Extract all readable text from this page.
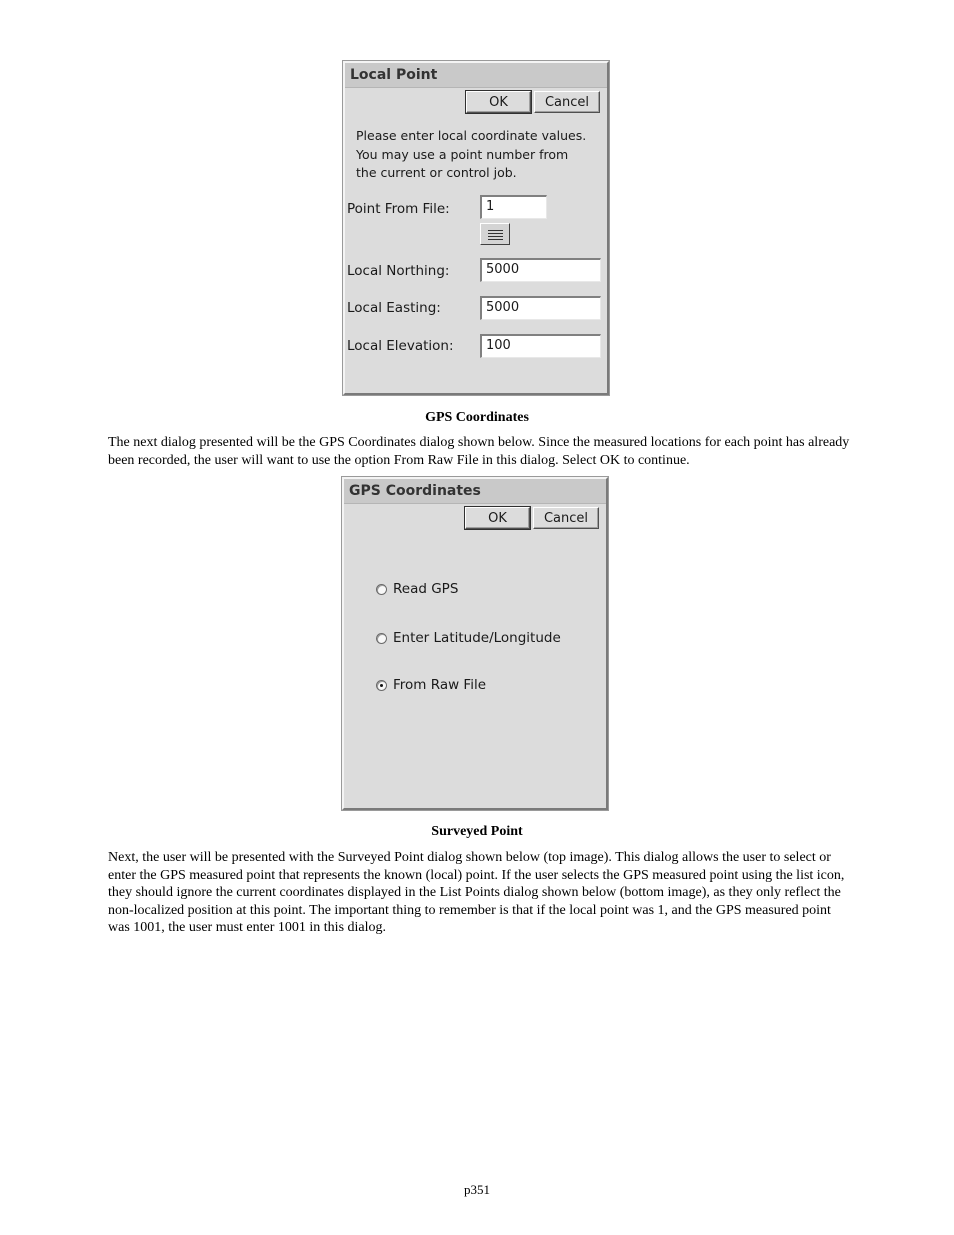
Local Point
OK	Cancel
Please enter local coordinate values.
You may use a point number from
the current or control job.
Point From File:	1
Local Northing:	5000
Local Easting:	5000
Local Elevation:	100
GPS Coordinates
The next dialog presented will be the GPS Coordinates dialog shown below. Since the measured locations for each point has already been recorded, the user will want to use the option From Raw File in this dialog. Select OK to continue.
GPS Coordinates
OK	Cancel
Read GPS
Enter Latitude/Longitude
From Raw File
Surveyed Point
Next, the user will be presented with the Surveyed Point dialog shown below (top image). This dialog allows the user to select or enter the GPS measured point that represents the known (local) point. If the user selects the GPS measured point using the list icon, they should ignore the current coordinates displayed in the List Points dialog shown below (bottom image), as they only reflect the non-localized position at this point. The important thing to remember is that if the local point was 1, and the GPS measured point was 1001, the user must enter 1001 in this dialog.
p351
